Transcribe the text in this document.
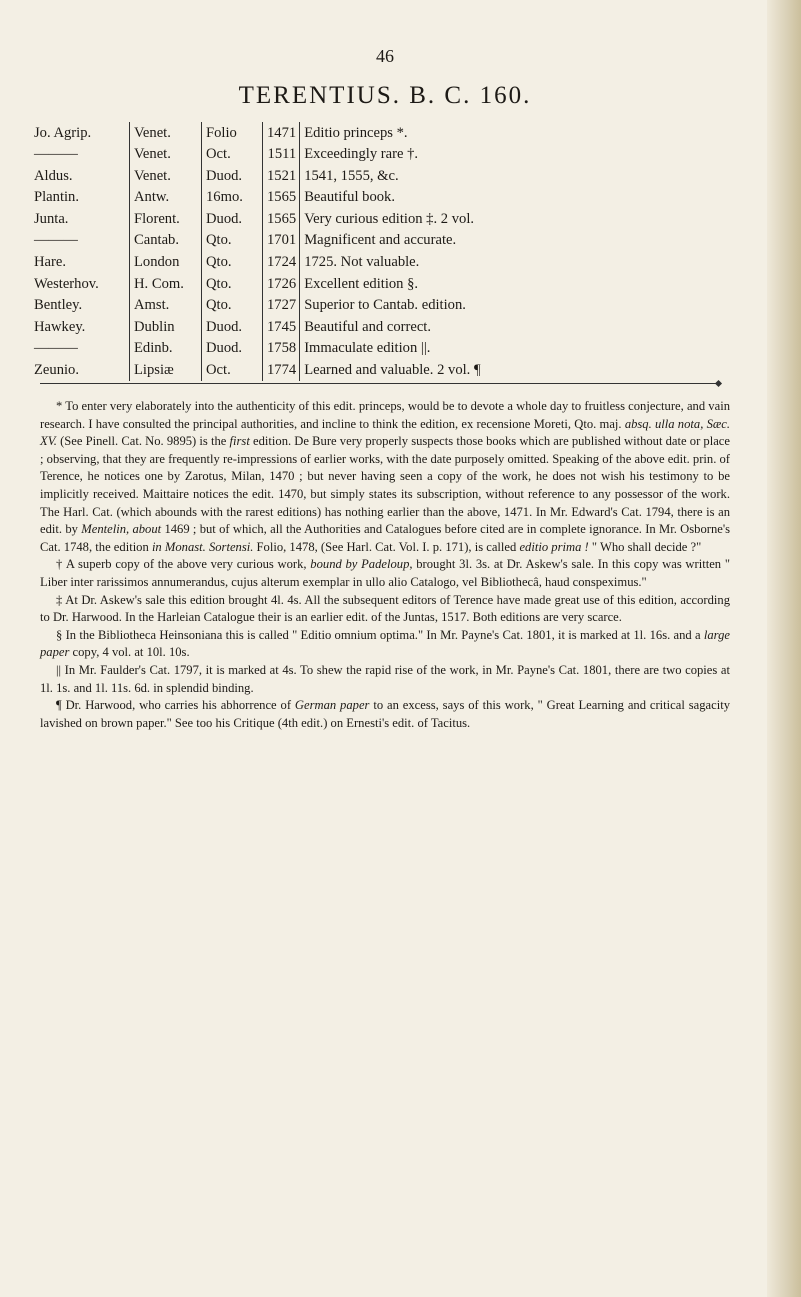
46
TERENTIUS. B. C. 160.
Jo. Agrip.	Venet.	Folio	1471	Editio princeps *.
———	Venet.	Oct.	1511	Exceedingly rare †.
Aldus.	Venet.	Duod.	1521	1541, 1555, &c.
Plantin.	Antw.	16mo.	1565	Beautiful book.
Junta.	Florent.	Duod.	1565	Very curious edition ‡. 2 vol.
———	Cantab.	Qto.	1701	Magnificent and accurate.
Hare.	London	Qto.	1724	1725. Not valuable.
Westerhov.	H. Com.	Qto.	1726	Excellent edition §.
Bentley.	Amst.	Qto.	1727	Superior to Cantab. edition.
Hawkey.	Dublin	Duod.	1745	Beautiful and correct.
———	Edinb.	Duod.	1758	Immaculate edition ||.
Zeunio.	Lipsiæ	Oct.	1774	Learned and valuable. 2 vol. ¶

* To enter very elaborately into the authenticity of this edit. princeps, would be to devote a whole day to fruitless conjecture, and vain research. I have consulted the principal authorities, and incline to think the edition, ex recensione Moreti, Qto. maj. absq. ulla nota, Sæc. XV. (See Pinell. Cat. No. 9895) is the first edition. De Bure very properly suspects those books which are published without date or place ; observing, that they are frequently re-impressions of earlier works, with the date purposely omitted. Speaking of the above edit. prin. of Terence, he notices one by Zarotus, Milan, 1470 ; but never having seen a copy of the work, he does not wish his testimony to be implicitly received. Maittaire notices the edit. 1470, but simply states its subscription, without reference to any possessor of the work. The Harl. Cat. (which abounds with the rarest editions) has nothing earlier than the above, 1471. In Mr. Edward's Cat. 1794, there is an edit. by Mentelin, about 1469 ; but of which, all the Authorities and Catalogues before cited are in complete ignorance. In Mr. Osborne's Cat. 1748, the edition in Monast. Sortensi. Folio, 1478, (See Harl. Cat. Vol. I. p. 171), is called editio prima ! " Who shall decide ?"

† A superb copy of the above very curious work, bound by Padeloup, brought 3l. 3s. at Dr. Askew's sale. In this copy was written " Liber inter rarissimos annumerandus, cujus alterum exemplar in ullo alio Catalogo, vel Bibliothecâ, haud conspeximus."

‡ At Dr. Askew's sale this edition brought 4l. 4s. All the subsequent editors of Terence have made great use of this edition, according to Dr. Harwood. In the Harleian Catalogue their is an earlier edit. of the Juntas, 1517. Both editions are very scarce.

§ In the Bibliotheca Heinsoniana this is called " Editio omnium optima." In Mr. Payne's Cat. 1801, it is marked at 1l. 16s. and a large paper copy, 4 vol. at 10l. 10s.

|| In Mr. Faulder's Cat. 1797, it is marked at 4s. To shew the rapid rise of the work, in Mr. Payne's Cat. 1801, there are two copies at 1l. 1s. and 1l. 11s. 6d. in splendid binding.

¶ Dr. Harwood, who carries his abhorrence of German paper to an excess, says of this work, " Great Learning and critical sagacity lavished on brown paper." See too his Critique (4th edit.) on Ernesti's edit. of Tacitus.
